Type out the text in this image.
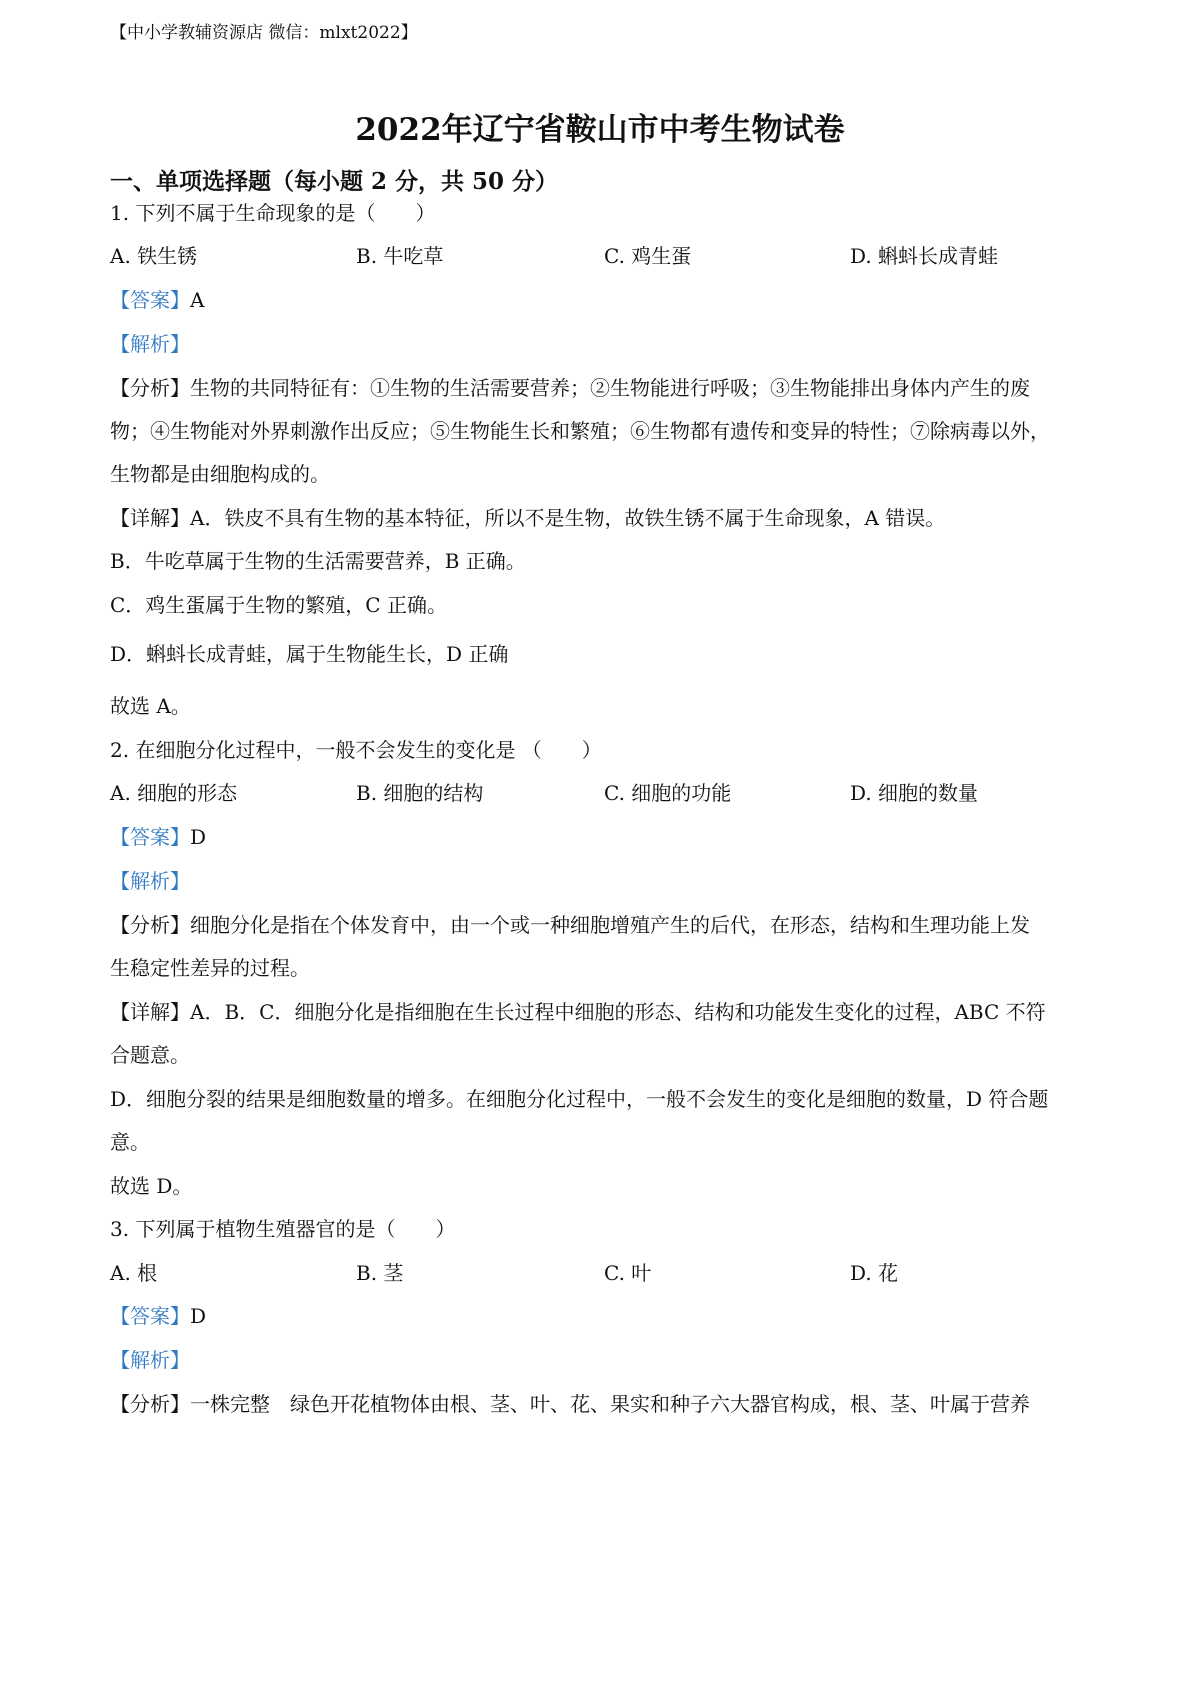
【中小学教辅资源店 微信：mlxt2022】
2022年辽宁省鞍山市中考生物试卷
一、单项选择题（每小题 2 分，共 50 分）
1. 下列不属于生命现象的是（　　）
A. 铁生锈	B. 牛吃草	C. 鸡生蛋	D. 蝌蚪长成青蛙
【答案】A
【解析】
【分析】生物的共同特征有：①生物的生活需要营养；②生物能进行呼吸；③生物能排出身体内产生的废
物；④生物能对外界刺激作出反应；⑤生物能生长和繁殖；⑥生物都有遗传和变异的特性；⑦除病毒以外，
生物都是由细胞构成的。
【详解】A．铁皮不具有生物的基本特征，所以不是生物，故铁生锈不属于生命现象，A 错误。
B．牛吃草属于生物的生活需要营养，B 正确。
C．鸡生蛋属于生物的繁殖，C 正确。
D．蝌蚪长成青蛙，属于生物能生长，D 正确
故选 A。
2. 在细胞分化过程中，一般不会发生的变化是 （　　）
A. 细胞的形态	B. 细胞的结构	C. 细胞的功能	D. 细胞的数量
【答案】D
【解析】
【分析】细胞分化是指在个体发育中，由一个或一种细胞增殖产生的后代，在形态，结构和生理功能上发
生稳定性差异的过程。
【详解】A．B．C．细胞分化是指细胞在生长过程中细胞的形态、结构和功能发生变化的过程，ABC 不符
合题意。
D．细胞分裂的结果是细胞数量的增多。在细胞分化过程中，一般不会发生的变化是细胞的数量，D 符合题
意。
故选 D。
3. 下列属于植物生殖器官的是（　　）
A. 根	B. 茎	C. 叶	D. 花
【答案】D
【解析】
【分析】一株完整　绿色开花植物体由根、茎、叶、花、果实和种子六大器官构成，根、茎、叶属于营养
